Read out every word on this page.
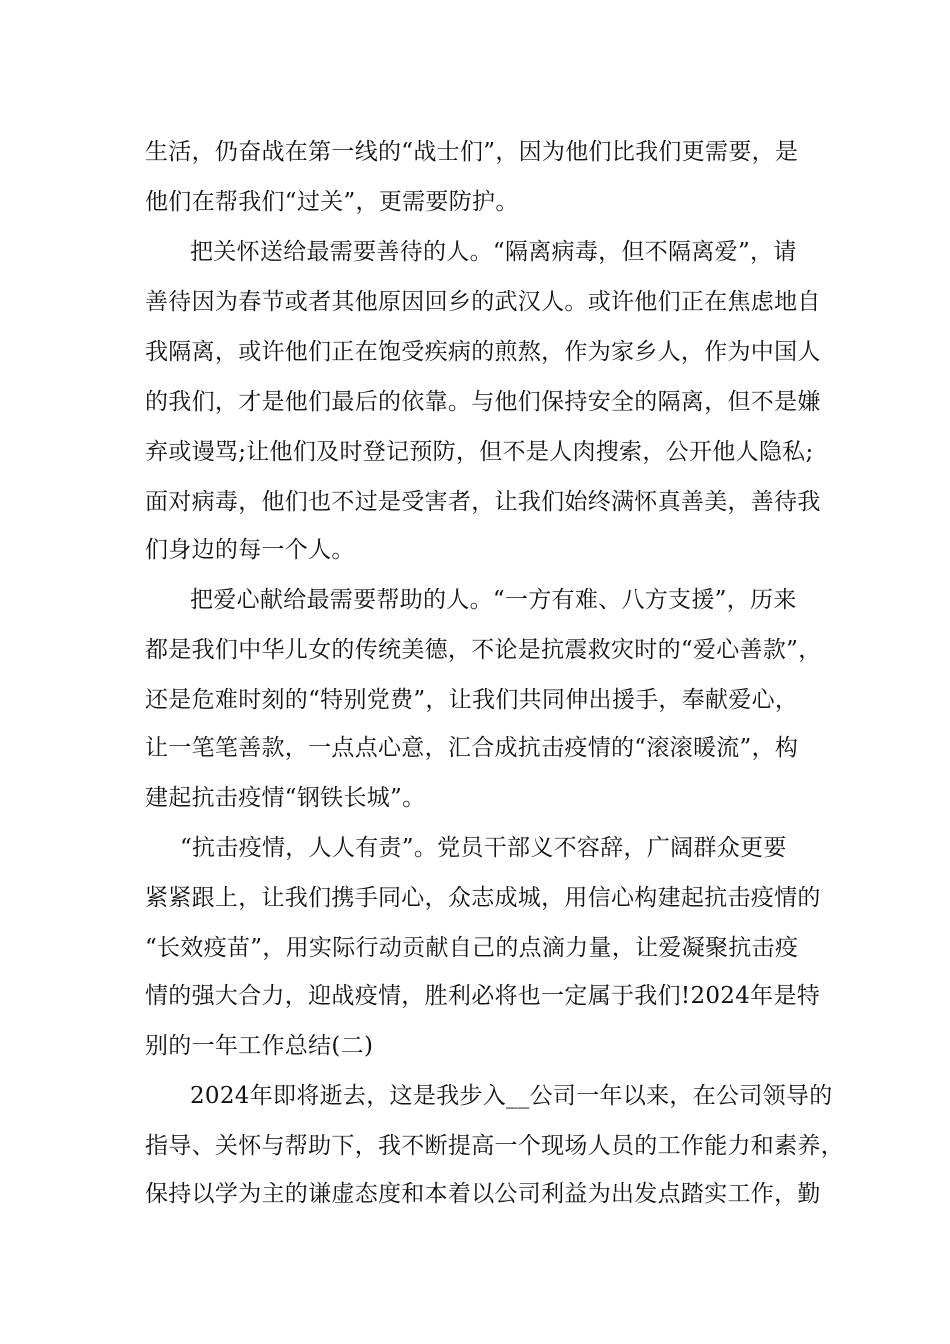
生活，仍奋战在第一线的“战士们”，因为他们比我们更需要，是
他们在帮我们“过关”，更需要防护。
把关怀送给最需要善待的人。“隔离病毒，但不隔离爱”，请
善待因为春节或者其他原因回乡的武汉人。或许他们正在焦虑地自
我隔离，或许他们正在饱受疾病的煎熬，作为家乡人，作为中国人
的我们，才是他们最后的依靠。与他们保持安全的隔离，但不是嫌
弃或谩骂;让他们及时登记预防，但不是人肉搜索，公开他人隐私;
面对病毒，他们也不过是受害者，让我们始终满怀真善美，善待我
们身边的每一个人。
把爱心献给最需要帮助的人。“一方有难、八方支援”，历来
都是我们中华儿女的传统美德，不论是抗震救灾时的“爱心善款”，
还是危难时刻的“特别党费”，让我们共同伸出援手，奉献爱心，
让一笔笔善款，一点点心意，汇合成抗击疫情的“滚滚暖流”，构
建起抗击疫情“钢铁长城”。
“抗击疫情，人人有责”。党员干部义不容辞，广阔群众更要
紧紧跟上，让我们携手同心，众志成城，用信心构建起抗击疫情的
“长效疫苗”，用实际行动贡献自己的点滴力量，让爱凝聚抗击疫
情的强大合力，迎战疫情，胜利必将也一定属于我们!2024年是特
别的一年工作总结(二)
2024年即将逝去，这是我步入__公司一年以来，在公司领导的
指导、关怀与帮助下，我不断提高一个现场人员的工作能力和素养，
保持以学为主的谦虚态度和本着以公司利益为出发点踏实工作，勤
